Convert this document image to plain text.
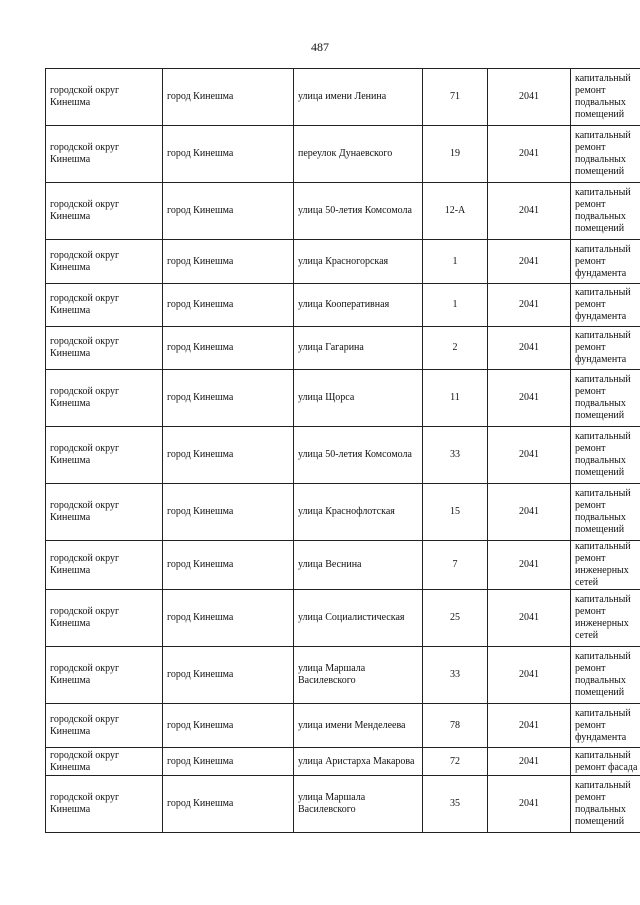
487
городской округ Кинешма	город Кинешма	улица имени Ленина	71	2041	капитальный ремонт подвальных помещений

городской округ Кинешма	город Кинешма	переулок Дунаевского	19	2041	капитальный ремонт подвальных помещений

городской округ Кинешма	город Кинешма	улица 50-летия Комсомола	12-А	2041	капитальный ремонт подвальных помещений

городской округ Кинешма	город Кинешма	улица Красногорская	1	2041	капитальный ремонт фундамента

городской округ Кинешма	город Кинешма	улица Кооперативная	1	2041	капитальный ремонт фундамента

городской округ Кинешма	город Кинешма	улица Гагарина	2	2041	капитальный ремонт фундамента

городской округ Кинешма	город Кинешма	улица Щорса	11	2041	капитальный ремонт подвальных помещений

городской округ Кинешма	город Кинешма	улица 50-летия Комсомола	33	2041	капитальный ремонт подвальных помещений

городской округ Кинешма	город Кинешма	улица Краснофлотская	15	2041	капитальный ремонт подвальных помещений

городской округ Кинешма	город Кинешма	улица Веснина	7	2041	капитальный ремонт инженерных сетей

городской округ Кинешма	город Кинешма	улица Социалистическая	25	2041	капитальный ремонт инженерных сетей

городской округ Кинешма	город Кинешма	улица Маршала Василевского	33	2041	капитальный ремонт подвальных помещений

городской округ Кинешма	город Кинешма	улица имени Менделеева	78	2041	капитальный ремонт фундамента

городской округ Кинешма	город Кинешма	улица Аристарха Макарова	72	2041	капитальный ремонт фасада

городской округ Кинешма	город Кинешма	улица Маршала Василевского	35	2041	капитальный ремонт подвальных помещений
